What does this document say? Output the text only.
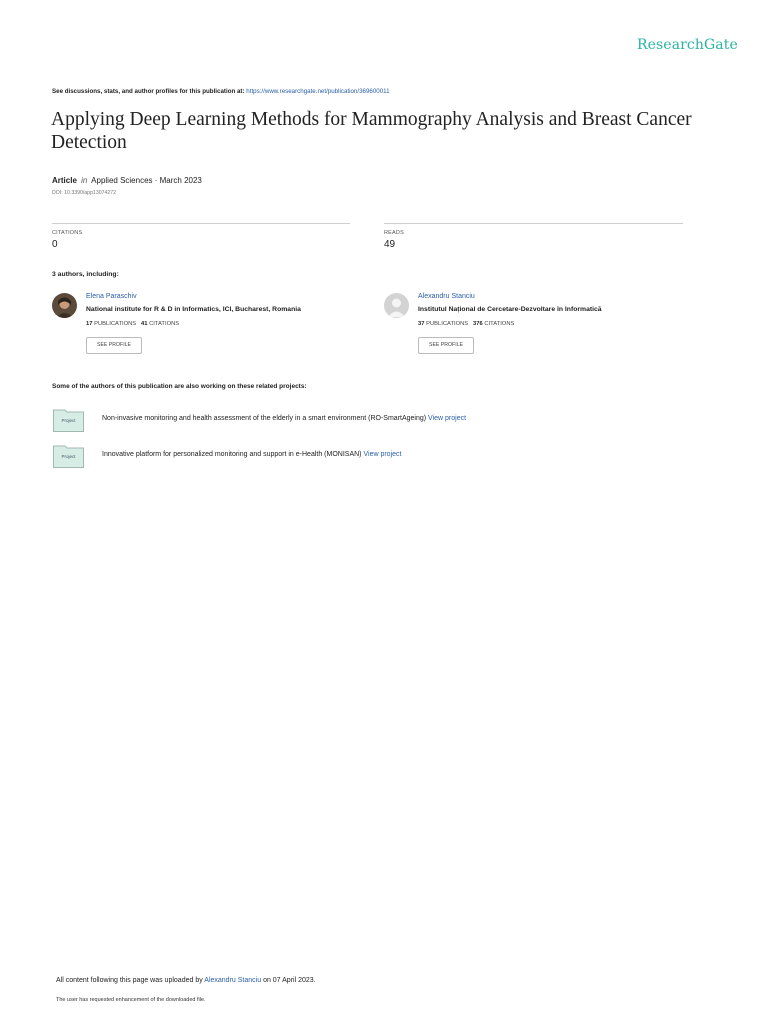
ResearchGate
See discussions, stats, and author profiles for this publication at: https://www.researchgate.net/publication/369600011
Applying Deep Learning Methods for Mammography Analysis and Breast Cancer Detection
Article in Applied Sciences · March 2023
DOI: 10.3390/app13074272
CITATIONS
0
READS
49
3 authors, including:
Elena Paraschiv
National institute for R & D in Informatics, ICI, Bucharest, Romania
17 PUBLICATIONS 41 CITATIONS
SEE PROFILE
Alexandru Stanciu
Institutul Național de Cercetare-Dezvoltare în Informatică
37 PUBLICATIONS 376 CITATIONS
SEE PROFILE
Some of the authors of this publication are also working on these related projects:
Project	Non-invasive monitoring and health assessment of the elderly in a smart environment (RO-SmartAgeing) View project
Project	Innovative platform for personalized monitoring and support in e-Health (MONISAN) View project
All content following this page was uploaded by Alexandru Stanciu on 07 April 2023.
The user has requested enhancement of the downloaded file.
